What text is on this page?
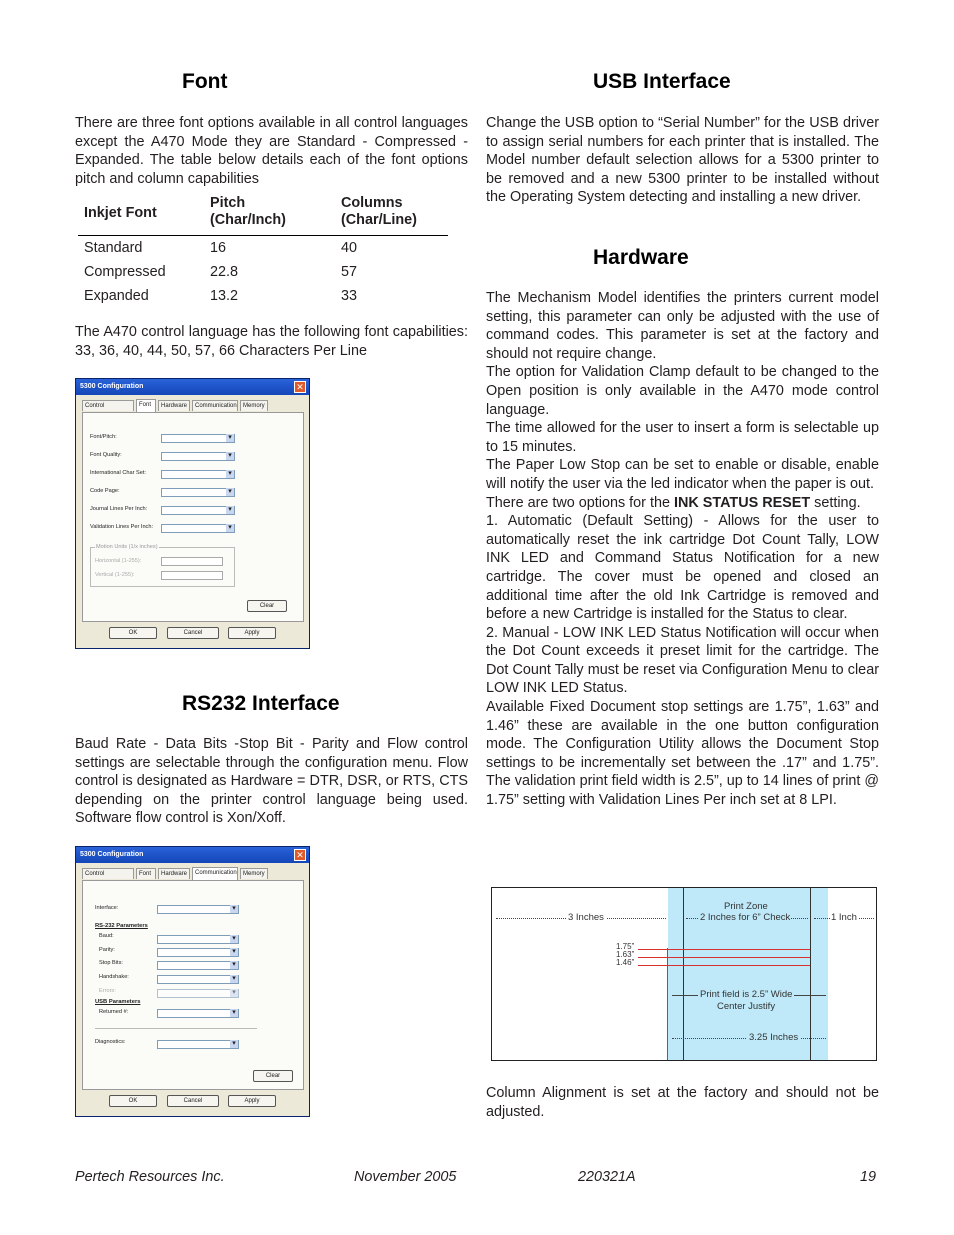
Font
There are three font options available in all control languages except the A470 Mode they are Standard - Compressed - Expanded. The table below details each of the font options pitch and column capabilities
Inkjet Font
Pitch (Char/Inch)
Columns (Char/Line)
Standard	16	40
Compressed	22.8	57
Expanded	13.2	33
The A470 control language has the following font capabilities: 33, 36, 40, 44, 50, 57, 66 Characters Per Line
5300 Configuration	✕
Control	Font	Hardware	Communication	Memory
Font/Pitch:
▾
Font Quality:
▾
International Char Set:
▾
Code Page:
▾
Journal Lines Per Inch:
▾
Validation Lines Per Inch:
▾
Motion Units (1/x inches)
Horizontal (1-255):
Vertical (1-255):
Clear
OK	Cancel	Apply
RS232 Interface
Baud Rate - Data Bits -Stop Bit - Parity and Flow control settings are selectable through the configuration menu. Flow control is designated as Hardware = DTR, DSR, or RTS, CTS depending on the printer control language being used. Software flow control is Xon/Xoff.
5300 Configuration	✕
Control	Font	Hardware	Communication	Memory
Interface:
▾
RS-232 Parameters
Baud:
▾
Parity:
▾
Stop Bits:
▾
Handshake:
▾
Errors:
▾
USB Parameters
Returned #:
▾
Diagnostics:
▾
Clear
OK	Cancel	Apply
USB Interface
Change the USB option to “Serial Number” for the USB driver to assign serial numbers for each printer that is installed. The Model number default selection allows for a 5300 printer to be removed and a new 5300 printer to be installed without the Operating System detecting and installing a new driver.
Hardware

The Mechanism Model identifies the printers current model setting, this parameter can only be adjusted with the use of command codes. This parameter is set at the factory and should not require change.

The option for Validation Clamp default to be changed to the Open position is only available in the A470 mode control language.

The time allowed for the user to insert a form is selectable up to 15 minutes.

The Paper Low Stop can be set to enable or disable, enable will notify the user via the led indicator when the paper is out.

There are two options for the INK STATUS RESET setting.

1. Automatic (Default Setting) - Allows for the user to automatically reset the ink cartridge Dot Count Tally, LOW INK LED and Command Status Notification for a new cartridge. The cover must be opened and closed an additional time after the old Ink Cartridge is removed and before a new Cartridge is installed for the Status to clear.

2. Manual - LOW INK LED Status Notification will occur when the Dot Count exceeds it preset limit for the cartridge. The Dot Count Tally must be reset via Configuration Menu to clear LOW INK LED Status.

Available Fixed Document stop settings are 1.75”, 1.63” and 1.46” these are available in the one button configuration mode. The Configuration Utility allows the Document Stop settings to be incrementally set between the .17” and 1.75”. The validation print field width is 2.5”, up to 14 lines of print @ 1.75” setting with Validation Lines Per inch set at 8 LPI.

3 Inches
Print Zone
2 Inches for 6” Check	1 Inch
1.75”
1.63”
1.46”
Print field is 2.5” Wide
Center Justify
3.25 Inches
Column Alignment is set at the factory and should not be adjusted.
Pertech Resources Inc.	November 2005	220321A	19
